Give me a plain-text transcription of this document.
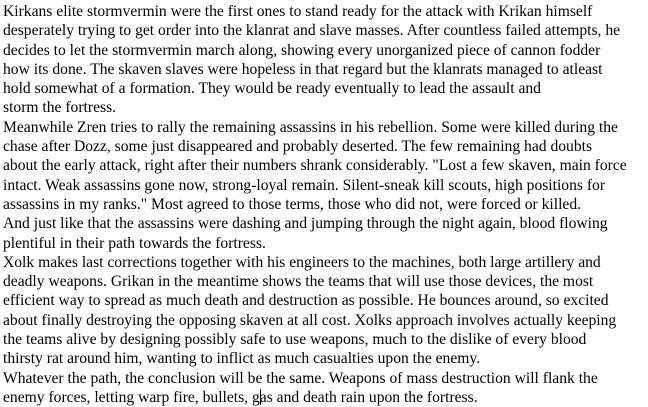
Kirkans elite stormvermin were the first ones to stand ready for the attack with Krikan himself
desperately trying to get order into the klanrat and slave masses. After countless failed attempts, he
decides to let the stormvermin march along, showing every unorganized piece of cannon fodder
how its done. The skaven slaves were hopeless in that regard but the klanrats managed to atleast
hold somewhat of a formation. They would be ready eventually to lead the assault and
storm the fortress.
Meanwhile Zren tries to rally the remaining assassins in his rebellion. Some were killed during the
chase after Dozz, some just disappeared and probably deserted. The few remaining had doubts
about the early attack, right after their numbers shrank considerably. "Lost a few skaven, main force
intact. Weak assassins gone now, strong-loyal remain. Silent-sneak kill scouts, high positions for
assassins in my ranks." Most agreed to those terms, those who did not, were forced or killed.
And just like that the assassins were dashing and jumping through the night again, blood flowing
plentiful in their path towards the fortress.
Xolk makes last corrections together with his engineers to the machines, both large artillery and
deadly weapons. Grikan in the meantime shows the teams that will use those devices, the most
efficient way to spread as much death and destruction as possible. He bounces around, so excited
about finally destroying the opposing skaven at all cost. Xolks approach involves actually keeping
the teams alive by designing possibly safe to use weapons, much to the dislike of every blood
thirsty rat around him, wanting to inflict as much casualties upon the enemy.
Whatever the path, the conclusion will be the same. Weapons of mass destruction will flank the
enemy forces, letting warp fire, bullets, gas and death rain upon the fortress.
